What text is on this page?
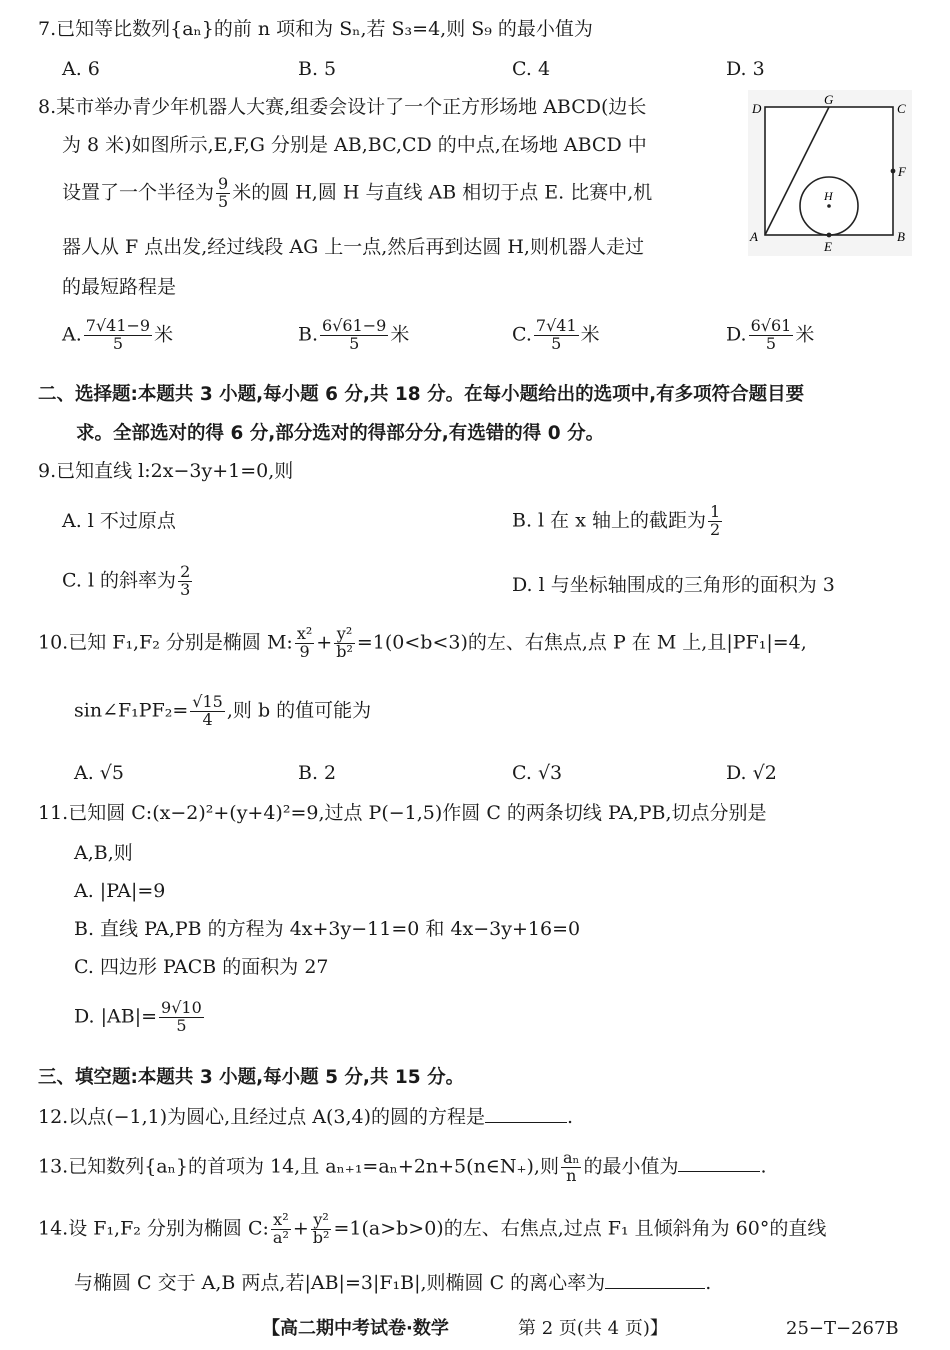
7.已知等比数列{aₙ}的前 n 项和为 Sₙ,若 S₃=4,则 S₉ 的最小值为
A. 6	B. 5	C. 4	D. 3
8.某市举办青少年机器人大赛,组委会设计了一个正方形场地 ABCD(边长
为 8 米)如图所示,E,F,G 分别是 AB,BC,CD 的中点,在场地 ABCD 中
设置了一个半径为 $\frac{9}{5}$ 米的圆 H,圆 H 与直线 AB 相切于点 E. 比赛中,机
器人从 F 点出发,经过线段 AG 上一点,然后再到达圆 H,则机器人走过
的最短路程是
D
G
C
F
B
A
E
H
A. $\frac{7√41-9}{5}$ 米	B. $\frac{6√61-9}{5}$ 米	C. $\frac{7√41}{5}$ 米	D. $\frac{6√61}{5}$ 米
二、选择题:本题共 3 小题,每小题 6 分,共 18 分。在每小题给出的选项中,有多项符合题目要
求。全部选对的得 6 分,部分选对的得部分分,有选错的得 0 分。
9.已知直线 l:2x−3y+1=0,则
A. l 不过原点	B. l 在 x 轴上的截距为 $\frac{1}{2}$
C. l 的斜率为 $\frac{2}{3}$	D. l 与坐标轴围成的三角形的面积为 3
10.已知 F₁,F₂ 分别是椭圆 M: $\frac{\text{x²}}{9} + \frac{\text{y²}}{\text{b²}} =1(0<b<3)$的左、右焦点,点 P 在 M 上,且|PF₁|=4,
sin∠F₁PF₂= $\frac{√15}{4}$ ,则 b 的值可能为
A. √5	B. 2	C. √3	D. √2
11.已知圆 C:(x−2)²+(y+4)²=9,过点 P(−1,5)作圆 C 的两条切线 PA,PB,切点分别是
A,B,则
A. |PA|=9
B. 直线 PA,PB 的方程为 4x+3y−11=0 和 4x−3y+16=0
C. 四边形 PACB 的面积为 27
D. $|AB|= \frac{9√10}{5}$
三、填空题:本题共 3 小题,每小题 5 分,共 15 分。
12.以点(−1,1)为圆心,且经过点 A(3,4)的圆的方程是	.
13.已知数列{aₙ}的首项为 14,且 aₙ₊₁=aₙ+2n+5(n∈N₊),则 $\frac{\text{aₙ}}{n}$ 的最小值为	.
14.设 F₁,F₂ 分别为椭圆 C: $\frac{\text{x²}}{\text{a²}} + \frac{\text{y²}}{\text{b²}} =1(a>b>0)$的左、右焦点,过点 F₁ 且倾斜角为 60°的直线
与椭圆 C 交于 A,B 两点,若|AB|=3|F₁B|,则椭圆 C 的离心率为	.
【高二期中考试卷·数学	第 2 页(共 4 页)】	25−T−267B
